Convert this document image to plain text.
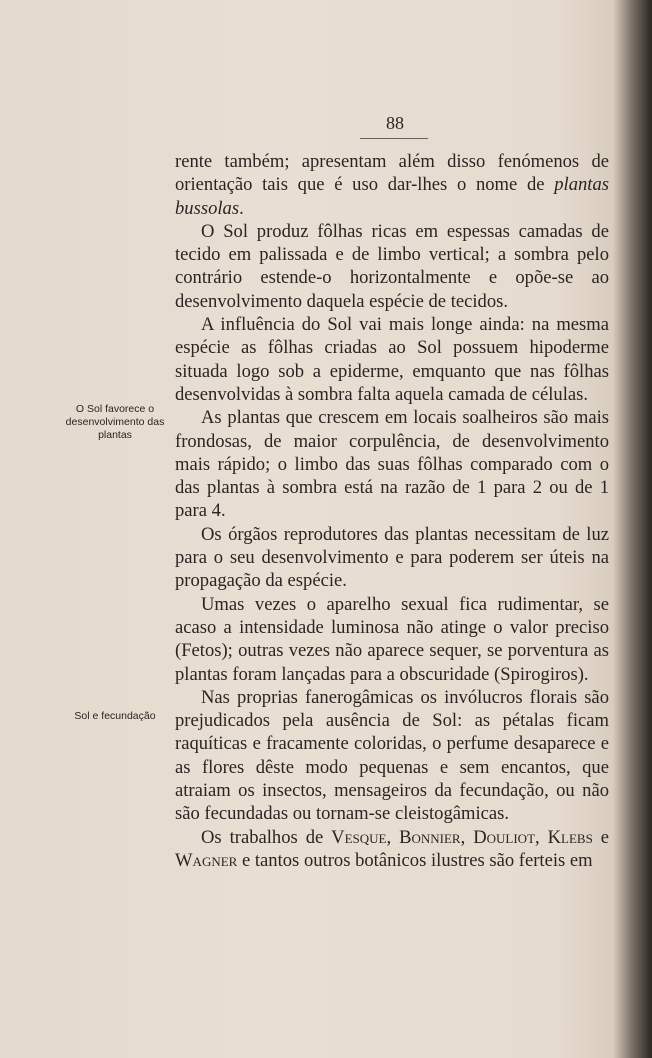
88
O Sol favorece o desenvolvimento das plantas
Sol e fecundação

rente também; apresentam além disso fenómenos de orientação tais que é uso dar-lhes o nome de plantas bussolas.

O Sol produz fôlhas ricas em espessas camadas de tecido em palissada e de limbo vertical; a sombra pelo contrário estende-o horizontalmente e opõe-se ao desenvolvimento daquela espécie de tecidos.

A influência do Sol vai mais longe ainda: na mesma espécie as fôlhas criadas ao Sol possuem hipoderme situada logo sob a epiderme, emquanto que nas fôlhas desenvolvidas à sombra falta aquela camada de células.

As plantas que crescem em locais soalheiros são mais frondosas, de maior corpulência, de desenvolvimento mais rápido; o limbo das suas fôlhas comparado com o das plantas à sombra está na razão de 1 para 2 ou de 1 para 4.

Os órgãos reprodutores das plantas necessitam de luz para o seu desenvolvimento e para poderem ser úteis na propagação da espécie.

Umas vezes o aparelho sexual fica rudimentar, se acaso a intensidade luminosa não atinge o valor preciso (Fetos); outras vezes não aparece sequer, se porventura as plantas foram lançadas para a obscuridade (Spirogiros).

Nas proprias fanerogâmicas os invólucros florais são prejudicados pela ausência de Sol: as pétalas ficam raquíticas e fracamente coloridas, o perfume desaparece e as flores dêste modo pequenas e sem encantos, que atraiam os insectos, mensageiros da fecundação, ou não são fecundadas ou tornam-se cleistogâmicas.

Os trabalhos de Vesque, Bonnier, Douliot, Klebs e Wagner e tantos outros botânicos ilustres são ferteis em
